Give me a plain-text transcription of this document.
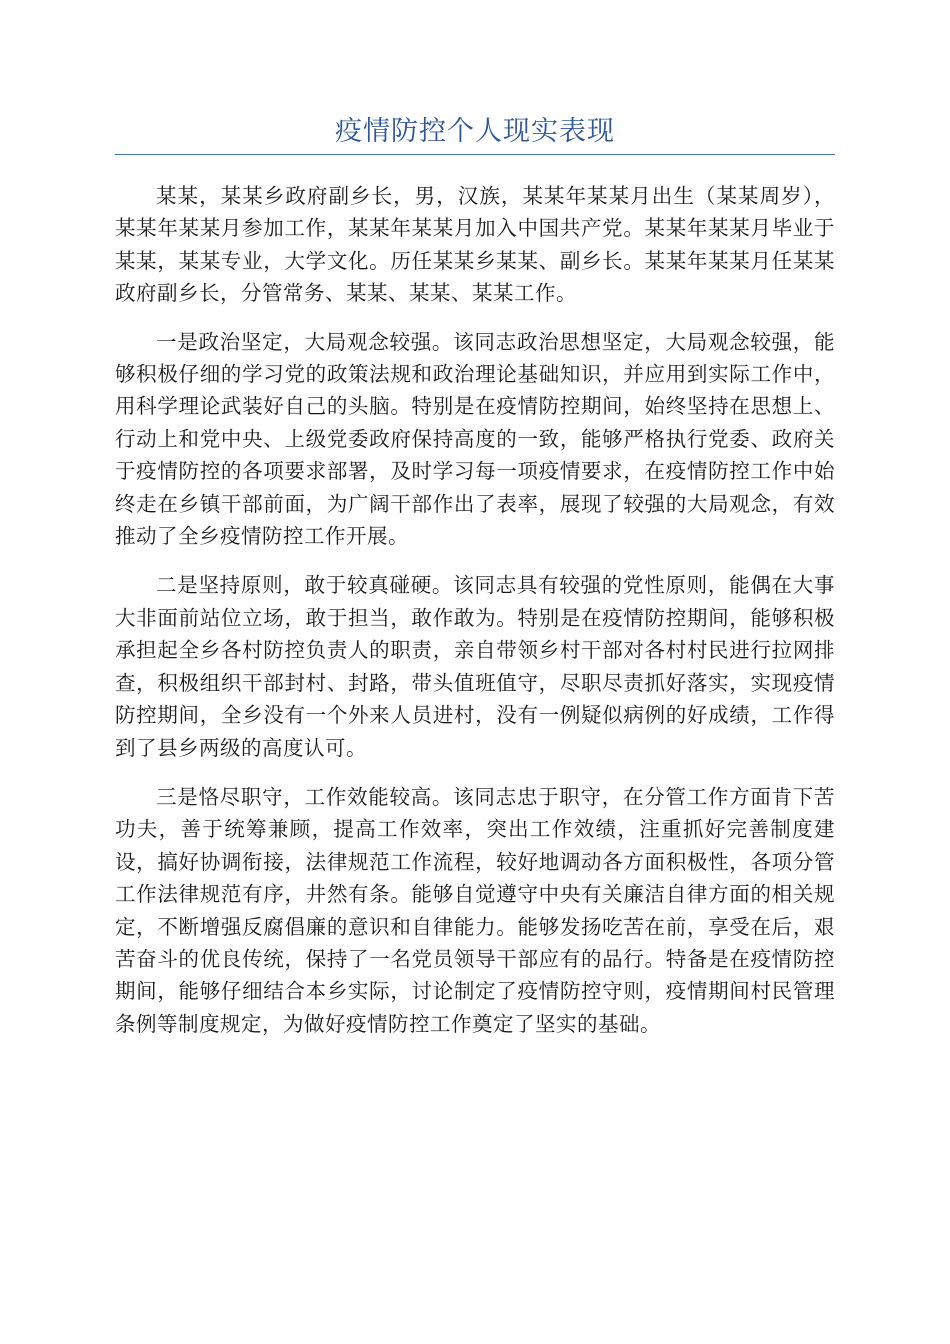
疫情防控个人现实表现

某某，某某乡政府副乡长，男，汉族，某某年某某月出生（某某周岁），某某年某某月参加工作，某某年某某月加入中国共产党。某某年某某月毕业于某某，某某专业，大学文化。历任某某乡某某、副乡长。某某年某某月任某某政府副乡长，分管常务、某某、某某、某某工作。

一是政治坚定，大局观念较强。该同志政治思想坚定，大局观念较强，能够积极仔细的学习党的政策法规和政治理论基础知识，并应用到实际工作中，用科学理论武装好自己的头脑。特别是在疫情防控期间，始终坚持在思想上、行动上和党中央、上级党委政府保持高度的一致，能够严格执行党委、政府关于疫情防控的各项要求部署，及时学习每一项疫情要求，在疫情防控工作中始终走在乡镇干部前面，为广阔干部作出了表率，展现了较强的大局观念，有效推动了全乡疫情防控工作开展。

二是坚持原则，敢于较真碰硬。该同志具有较强的党性原则，能偶在大事大非面前站位立场，敢于担当，敢作敢为。特别是在疫情防控期间，能够积极承担起全乡各村防控负责人的职责，亲自带领乡村干部对各村村民进行拉网排查，积极组织干部封村、封路，带头值班值守，尽职尽责抓好落实，实现疫情防控期间，全乡没有一个外来人员进村，没有一例疑似病例的好成绩，工作得到了县乡两级的高度认可。

三是恪尽职守，工作效能较高。该同志忠于职守，在分管工作方面肯下苦功夫，善于统筹兼顾，提高工作效率，突出工作效绩，注重抓好完善制度建设，搞好协调衔接，法律规范工作流程，较好地调动各方面积极性，各项分管工作法律规范有序，井然有条。能够自觉遵守中央有关廉洁自律方面的相关规定，不断增强反腐倡廉的意识和自律能力。能够发扬吃苦在前，享受在后，艰苦奋斗的优良传统，保持了一名党员领导干部应有的品行。特备是在疫情防控期间，能够仔细结合本乡实际，讨论制定了疫情防控守则，疫情期间村民管理条例等制度规定，为做好疫情防控工作奠定了坚实的基础。
